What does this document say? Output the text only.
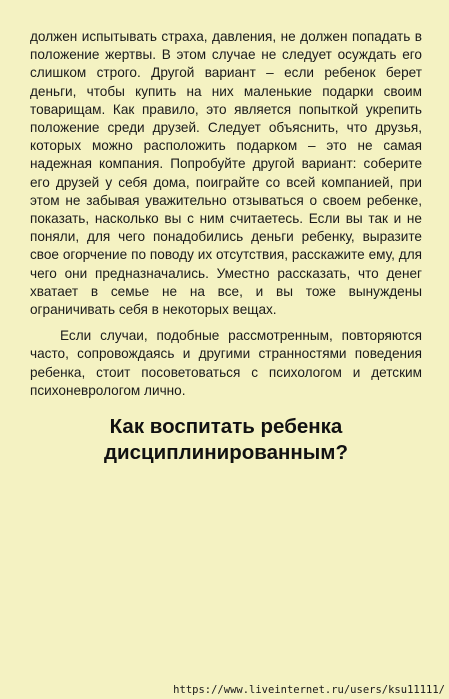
должен испытывать страха, давления, не должен попадать в положение жертвы. В этом случае не следует осуждать его слишком строго. Другой вариант – если ребенок берет деньги, чтобы купить на них маленькие подарки своим товарищам. Как правило, это является попыткой укрепить положение среди друзей. Следует объяснить, что друзья, которых можно расположить подарком – это не самая надежная компания. Попробуйте другой вариант: соберите его друзей у себя дома, поиграйте со всей компанией, при этом не забывая уважительно отзываться о своем ребенке, показать, насколько вы с ним считаетесь. Если вы так и не поняли, для чего понадобились деньги ребенку, выразите свое огорчение по поводу их отсутствия, расскажите ему, для чего они предназначались. Уместно рассказать, что денег хватает в семье не на все, и вы тоже вынуждены ограничивать себя в некоторых вещах.

Если случаи, подобные рассмотренным, повторяются часто, сопровождаясь и другими странностями поведения ребенка, стоит посоветоваться с психологом и детским психоневрологом лично.

Как воспитать ребенка дисциплинированным?
https://www.liveinternet.ru/users/ksu11111/
